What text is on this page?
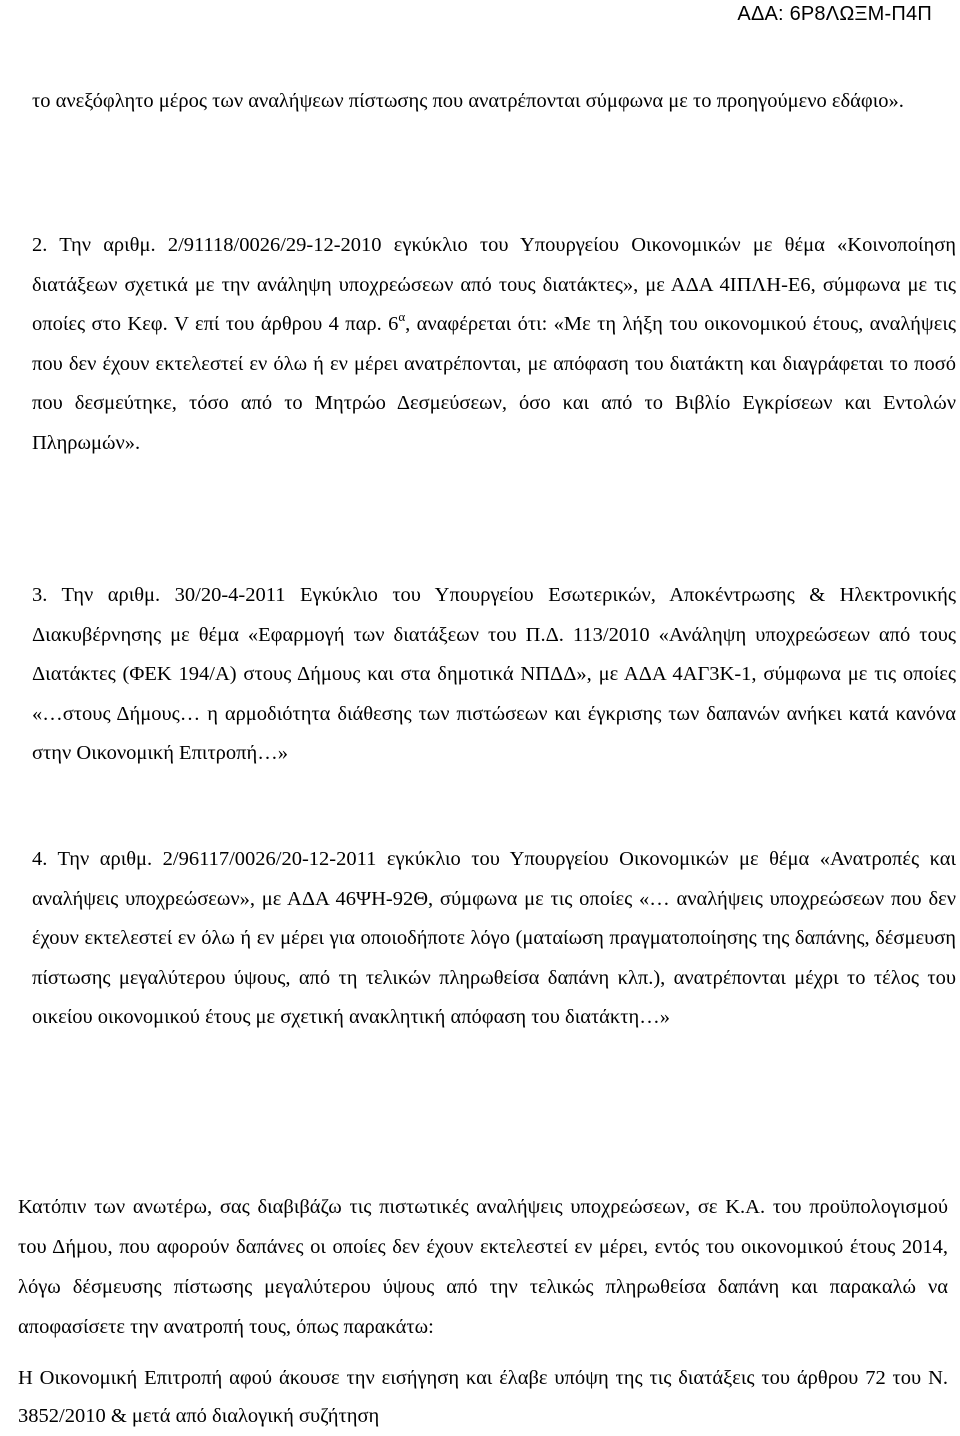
ΑΔΑ: 6Ρ8ΛΩΞΜ-Π4Π

το ανεξόφλητο μέρος των αναλήψεων πίστωσης που ανατρέπονται σύμφωνα με το προηγούμενο εδάφιο».

2. Την αριθμ. 2/91118/0026/29-12-2010 εγκύκλιο του Υπουργείου Οικονομικών με θέμα «Κοινοποίηση διατάξεων σχετικά με την ανάληψη υποχρεώσεων από τους διατάκτες», με ΑΔΑ 4ΙΠΛΗ-Ε6, σύμφωνα με τις οποίες στο Κεφ. V επί του άρθρου 4 παρ. $6^\alpha$, αναφέρεται ότι: «Με τη λήξη του οικονομικού έτους, αναλήψεις που δεν έχουν εκτελεστεί εν όλω ή εν μέρει ανατρέπονται, με απόφαση του διατάκτη και διαγράφεται το ποσό που δεσμεύτηκε, τόσο από το Μητρώο Δεσμεύσεων, όσο και από το Βιβλίο Εγκρίσεων και Εντολών Πληρωμών».

3. Την αριθμ. 30/20-4-2011 Εγκύκλιο του Υπουργείου Εσωτερικών, Αποκέντρωσης & Ηλεκτρονικής Διακυβέρνησης με θέμα «Εφαρμογή των διατάξεων του Π.Δ. 113/2010 «Ανάληψη υποχρεώσεων από τους Διατάκτες (ΦΕΚ 194/Α) στους Δήμους και στα δημοτικά ΝΠΔΔ», με ΑΔΑ 4ΑΓ3Κ-1, σύμφωνα με τις οποίες «…στους Δήμους… η αρμοδιότητα διάθεσης των πιστώσεων και έγκρισης των δαπανών ανήκει κατά κανόνα στην Οικονομική Επιτροπή…»

4. Την αριθμ. 2/96117/0026/20-12-2011 εγκύκλιο του Υπουργείου Οικονομικών με θέμα «Ανατροπές και αναλήψεις υποχρεώσεων», με ΑΔΑ 46ΨΗ-92Θ, σύμφωνα με τις οποίες «… αναλήψεις υποχρεώσεων που δεν έχουν εκτελεστεί εν όλω ή εν μέρει για οποιοδήποτε λόγο (ματαίωση πραγματοποίησης της δαπάνης, δέσμευση πίστωσης μεγαλύτερου ύψους, από τη τελικών πληρωθείσα δαπάνη κλπ.), ανατρέπονται μέχρι το τέλος του οικείου οικονομικού έτους με σχετική ανακλητική απόφαση του διατάκτη…»

Κατόπιν των ανωτέρω, σας διαβιβάζω τις πιστωτικές αναλήψεις υποχρεώσεων, σε Κ.Α. του προϋπολογισμού του Δήμου, που αφορούν δαπάνες οι οποίες δεν έχουν εκτελεστεί εν μέρει, εντός του οικονομικού έτους 2014, λόγω δέσμευσης πίστωσης μεγαλύτερου ύψους από την τελικώς πληρωθείσα δαπάνη και παρακαλώ να αποφασίσετε την ανατροπή τους, όπως παρακάτω:

Η Οικονομική Επιτροπή αφού άκουσε την εισήγηση και έλαβε υπόψη της τις διατάξεις του άρθρου 72 του Ν. 3852/2010 & μετά από διαλογική συζήτηση
